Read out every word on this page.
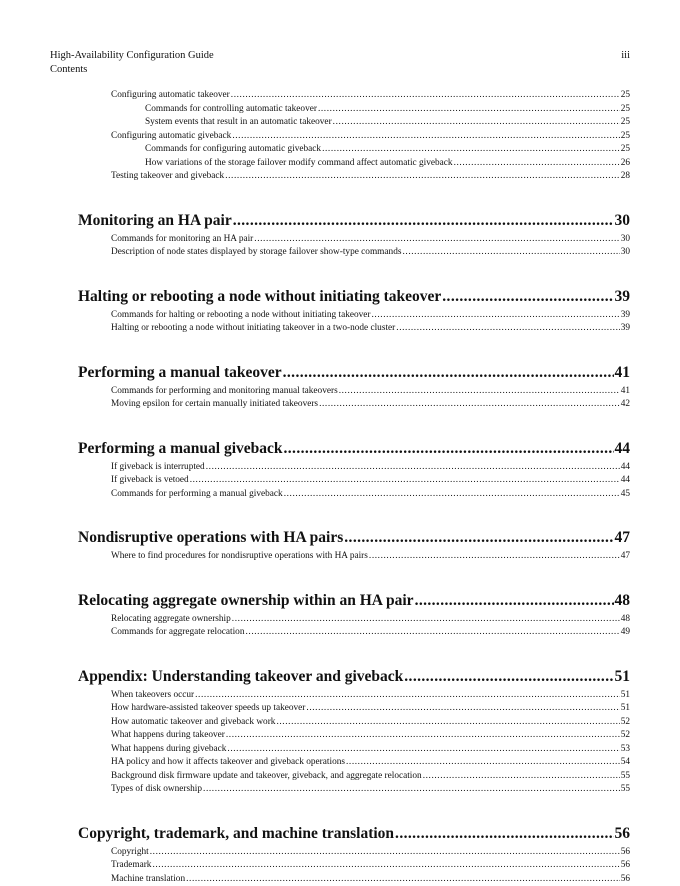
High-Availability Configuration Guide
Contents
iii
Configuring automatic takeover .....	25
Commands for controlling automatic takeover .....	25
System events that result in an automatic takeover .....	25
Configuring automatic giveback .....	25
Commands for configuring automatic giveback .....	25
How variations of the storage failover modify command affect automatic giveback .....	26
Testing takeover and giveback .....	28
Monitoring an HA pair .....	30
Commands for monitoring an HA pair .....	30
Description of node states displayed by storage failover show-type commands .....	30
Halting or rebooting a node without initiating takeover .....	39
Commands for halting or rebooting a node without initiating takeover .....	39
Halting or rebooting a node without initiating takeover in a two-node cluster .....	39
Performing a manual takeover .....	41
Commands for performing and monitoring manual takeovers .....	41
Moving epsilon for certain manually initiated takeovers .....	42
Performing a manual giveback .....	44
If giveback is interrupted .....	44
If giveback is vetoed .....	44
Commands for performing a manual giveback .....	45
Nondisruptive operations with HA pairs .....	47
Where to find procedures for nondisruptive operations with HA pairs .....	47
Relocating aggregate ownership within an HA pair .....	48
Relocating aggregate ownership .....	48
Commands for aggregate relocation .....	49
Appendix: Understanding takeover and giveback .....	51
When takeovers occur .....	51
How hardware-assisted takeover speeds up takeover .....	51
How automatic takeover and giveback work .....	52
What happens during takeover .....	52
What happens during giveback .....	53
HA policy and how it affects takeover and giveback operations .....	54
Background disk firmware update and takeover, giveback, and aggregate relocation .....	55
Types of disk ownership .....	55
Copyright, trademark, and machine translation .....	56
Copyright .....	56
Trademark .....	56
Machine translation .....	56
